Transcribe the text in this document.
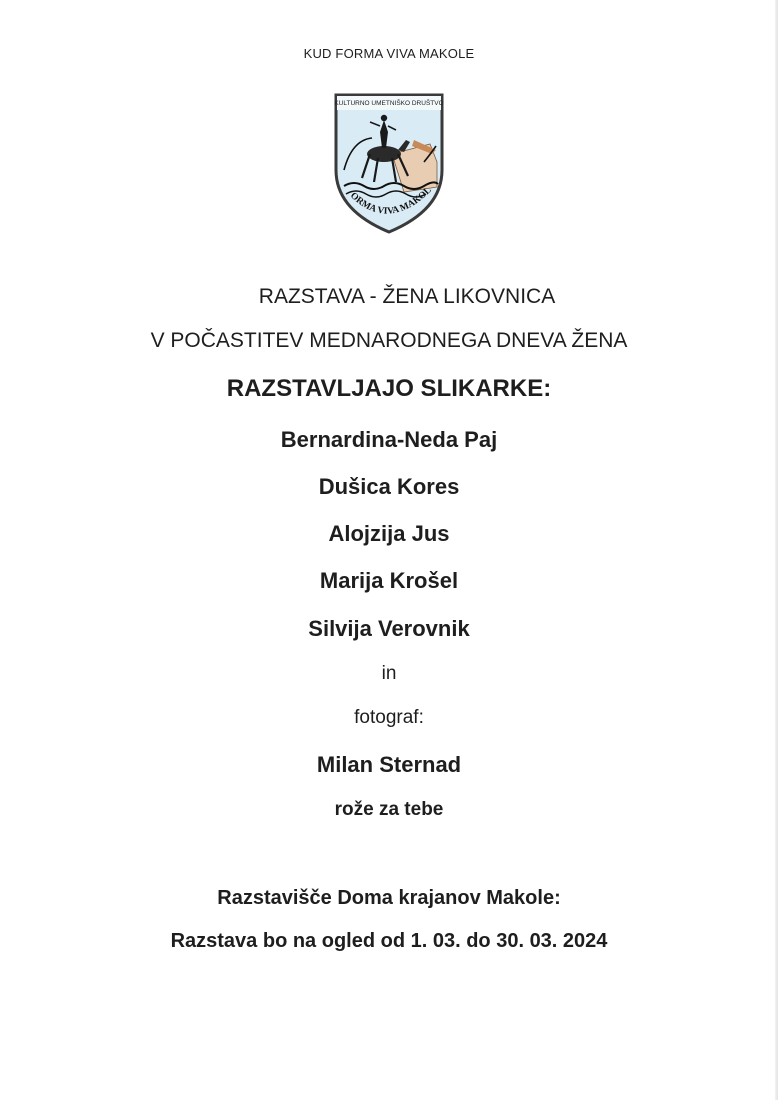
KUD FORMA VIVA MAKOLE
KULTURNO UMETNIŠKO DRUŠTVO
ORMA VIVA MAKOL
RAZSTAVA - ŽENA LIKOVNICA
V POČASTITEV MEDNARODNEGA DNEVA ŽENA
RAZSTAVLJAJO SLIKARKE:
Bernardina-Neda Paj
Dušica Kores
Alojzija Jus
Marija Krošel
Silvija Verovnik
in
fotograf:
Milan Sternad
rože za tebe
Razstavišče Doma krajanov Makole:
Razstava bo na ogled od 1. 03. do 30. 03. 2024
